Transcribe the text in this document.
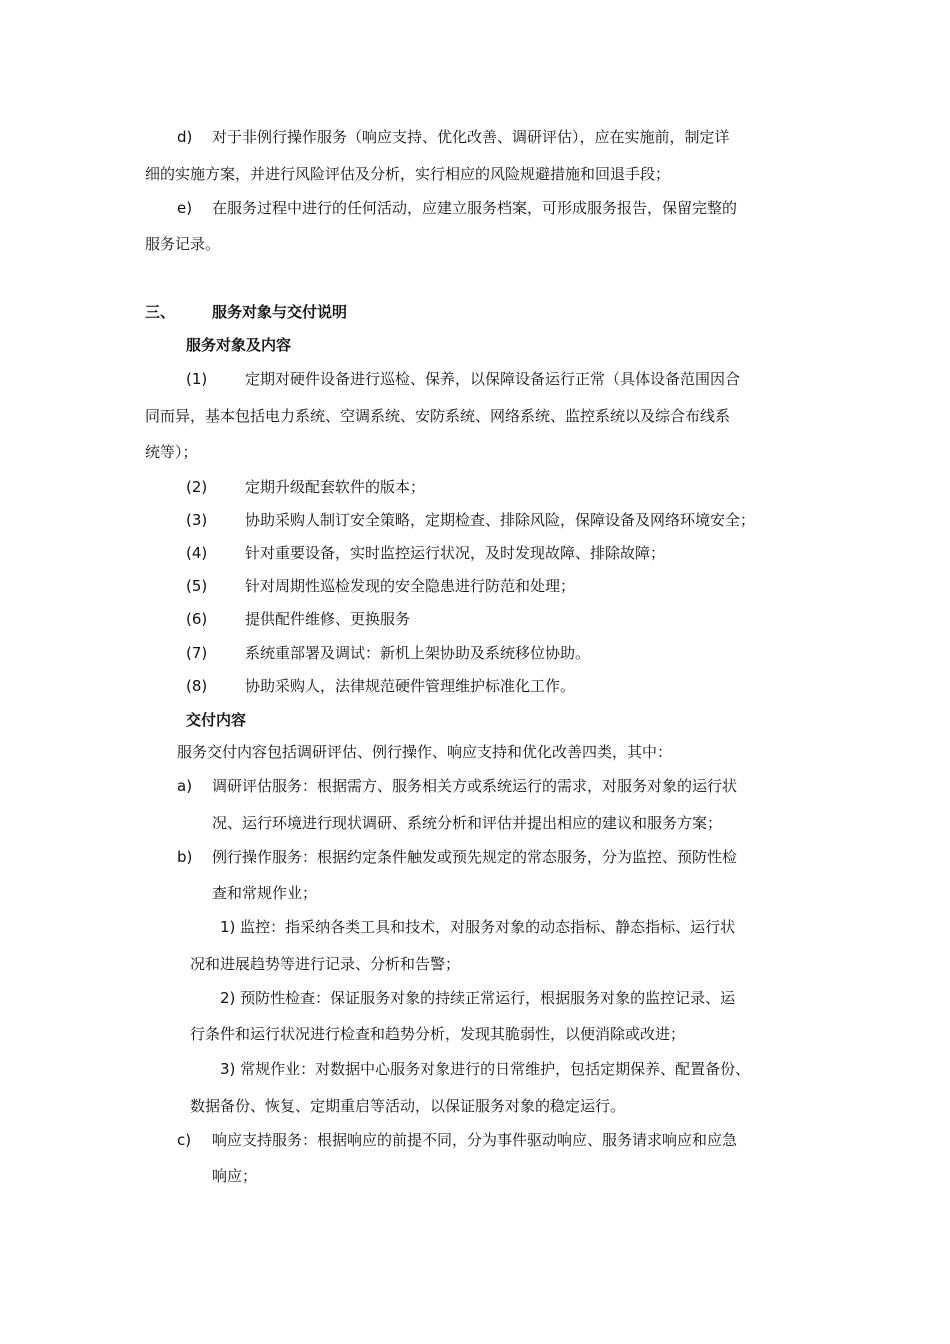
d) 对于非例行操作服务（响应支持、优化改善、调研评估），应在实施前，制定详
细的实施方案，并进行风险评估及分析，实行相应的风险规避措施和回退手段；
e) 在服务过程中进行的任何活动，应建立服务档案，可形成服务报告，保留完整的
服务记录。
三、 服务对象与交付说明
服务对象及内容
(1)	定期对硬件设备进行巡检、保养，以保障设备运行正常（具体设备范围因合
同而异，基本包括电力系统、空调系统、安防系统、网络系统、监控系统以及综合布线系
统等）；
(2)	定期升级配套软件的版本；
(3)	协助采购人制订安全策略，定期检查、排除风险，保障设备及网络环境安全；
(4)	针对重要设备，实时监控运行状况，及时发现故障、排除故障；
(5)	针对周期性巡检发现的安全隐患进行防范和处理；
(6)	提供配件维修、更换服务
(7)	系统重部署及调试：新机上架协助及系统移位协助。
(8)	协助采购人，法律规范硬件管理维护标准化工作。
交付内容
服务交付内容包括调研评估、例行操作、响应支持和优化改善四类，其中：
a) 调研评估服务：根据需方、服务相关方或系统运行的需求，对服务对象的运行状
况、运行环境进行现状调研、系统分析和评估并提出相应的建议和服务方案；
b) 例行操作服务：根据约定条件触发或预先规定的常态服务，分为监控、预防性检
查和常规作业；
1) 监控：指采纳各类工具和技术，对服务对象的动态指标、静态指标、运行状
况和进展趋势等进行记录、分析和告警；
2) 预防性检查：保证服务对象的持续正常运行，根据服务对象的监控记录、运
行条件和运行状况进行检查和趋势分析，发现其脆弱性，以便消除或改进；
3) 常规作业：对数据中心服务对象进行的日常维护，包括定期保养、配置备份、
数据备份、恢复、定期重启等活动，以保证服务对象的稳定运行。
c) 响应支持服务：根据响应的前提不同，分为事件驱动响应、服务请求响应和应急
响应；
